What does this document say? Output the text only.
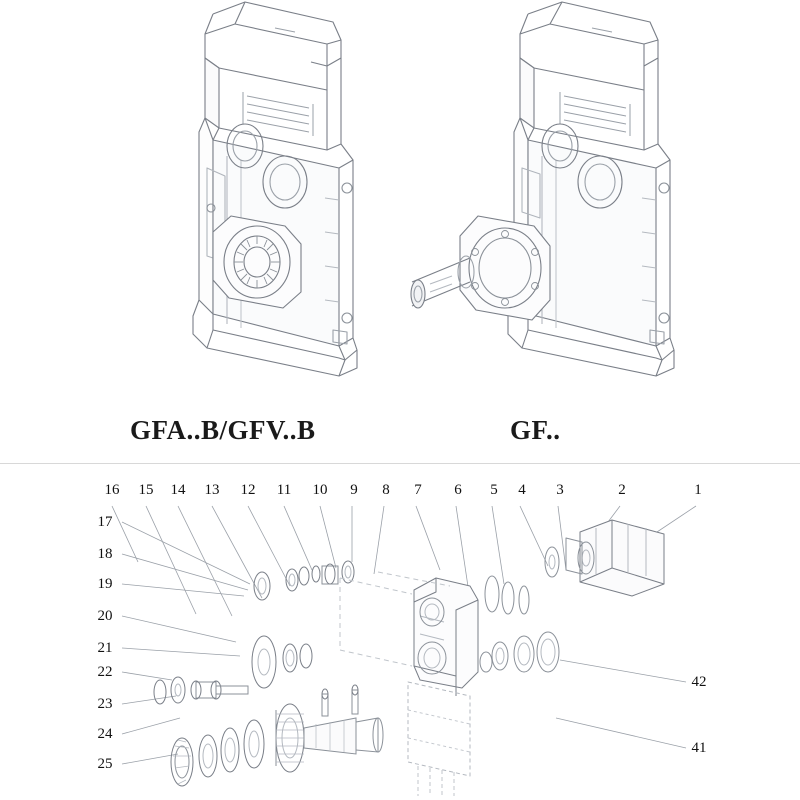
GFA..B/GFV..B	GF..
16	15	14	13	12	11	10	9	8	7	6	5	4	3	2	1
17
18
19
20
21
22
23
24
25
42
41
